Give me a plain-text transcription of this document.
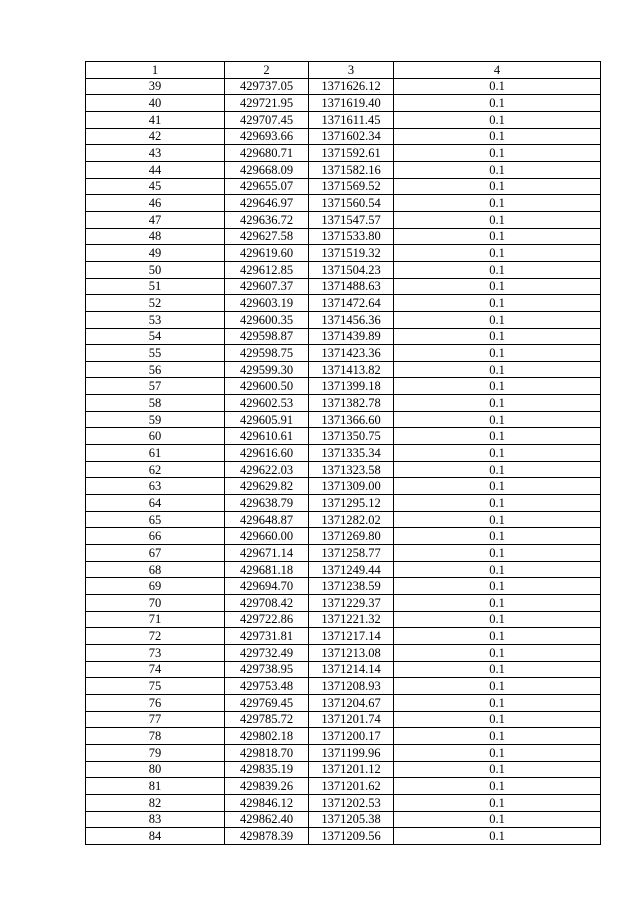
1	2	3	4
39	429737.05	1371626.12	0.1
40	429721.95	1371619.40	0.1
41	429707.45	1371611.45	0.1
42	429693.66	1371602.34	0.1
43	429680.71	1371592.61	0.1
44	429668.09	1371582.16	0.1
45	429655.07	1371569.52	0.1
46	429646.97	1371560.54	0.1
47	429636.72	1371547.57	0.1
48	429627.58	1371533.80	0.1
49	429619.60	1371519.32	0.1
50	429612.85	1371504.23	0.1
51	429607.37	1371488.63	0.1
52	429603.19	1371472.64	0.1
53	429600.35	1371456.36	0.1
54	429598.87	1371439.89	0.1
55	429598.75	1371423.36	0.1
56	429599.30	1371413.82	0.1
57	429600.50	1371399.18	0.1
58	429602.53	1371382.78	0.1
59	429605.91	1371366.60	0.1
60	429610.61	1371350.75	0.1
61	429616.60	1371335.34	0.1
62	429622.03	1371323.58	0.1
63	429629.82	1371309.00	0.1
64	429638.79	1371295.12	0.1
65	429648.87	1371282.02	0.1
66	429660.00	1371269.80	0.1
67	429671.14	1371258.77	0.1
68	429681.18	1371249.44	0.1
69	429694.70	1371238.59	0.1
70	429708.42	1371229.37	0.1
71	429722.86	1371221.32	0.1
72	429731.81	1371217.14	0.1
73	429732.49	1371213.08	0.1
74	429738.95	1371214.14	0.1
75	429753.48	1371208.93	0.1
76	429769.45	1371204.67	0.1
77	429785.72	1371201.74	0.1
78	429802.18	1371200.17	0.1
79	429818.70	1371199.96	0.1
80	429835.19	1371201.12	0.1
81	429839.26	1371201.62	0.1
82	429846.12	1371202.53	0.1
83	429862.40	1371205.38	0.1
84	429878.39	1371209.56	0.1
